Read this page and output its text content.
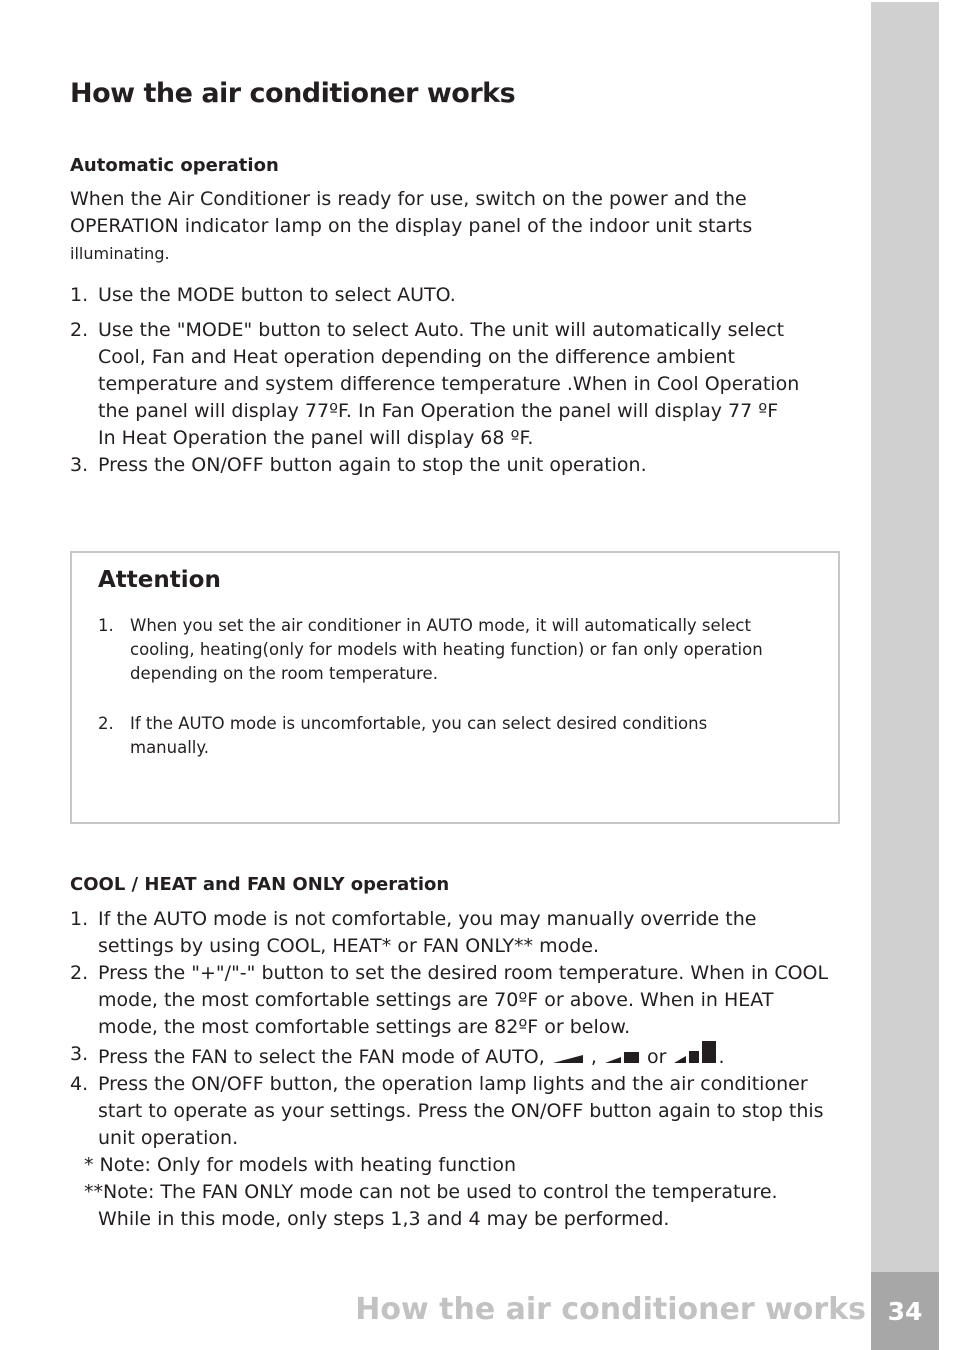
34
How the air conditioner works
How the air conditioner works
Automatic operation
When the Air Conditioner is ready for use, switch on the power and the
OPERATION indicator lamp on the display panel of the indoor unit starts
illuminating.
1. Use the MODE button to select AUTO.
2. Use the "MODE" button to select Auto. The unit will automatically select
Cool, Fan and Heat operation depending on the difference ambient
temperature and system difference temperature .When in Cool Operation
the panel will display 77ºF. In Fan Operation the panel will display 77 ºF
In Heat Operation the panel will display 68 ºF.
3. Press the ON/OFF button again to stop the unit operation.
Attention
1. When you set the air conditioner in AUTO mode, it will automatically select
cooling, heating(only for models with heating function) or fan only operation
depending on the room temperature.
2. If the AUTO mode is uncomfortable, you can select desired conditions
manually.
COOL / HEAT and FAN ONLY operation
1. If the AUTO mode is not comfortable, you may manually override the
settings by using COOL, HEAT* or FAN ONLY** mode.
2. Press the "+"/"-" button to set the desired room temperature. When in COOL
mode, the most comfortable settings are 70ºF or above. When in HEAT
mode, the most comfortable settings are 82ºF or below.
3. Press the FAN to select the FAN mode of AUTO, ,	or	.
4. Press the ON/OFF button, the operation lamp lights and the air conditioner
start to operate as your settings. Press the ON/OFF button again to stop this
unit operation.
* Note: Only for models with heating function
**Note: The FAN ONLY mode can not be used to control the temperature.
While in this mode, only steps 1,3 and 4 may be performed.
